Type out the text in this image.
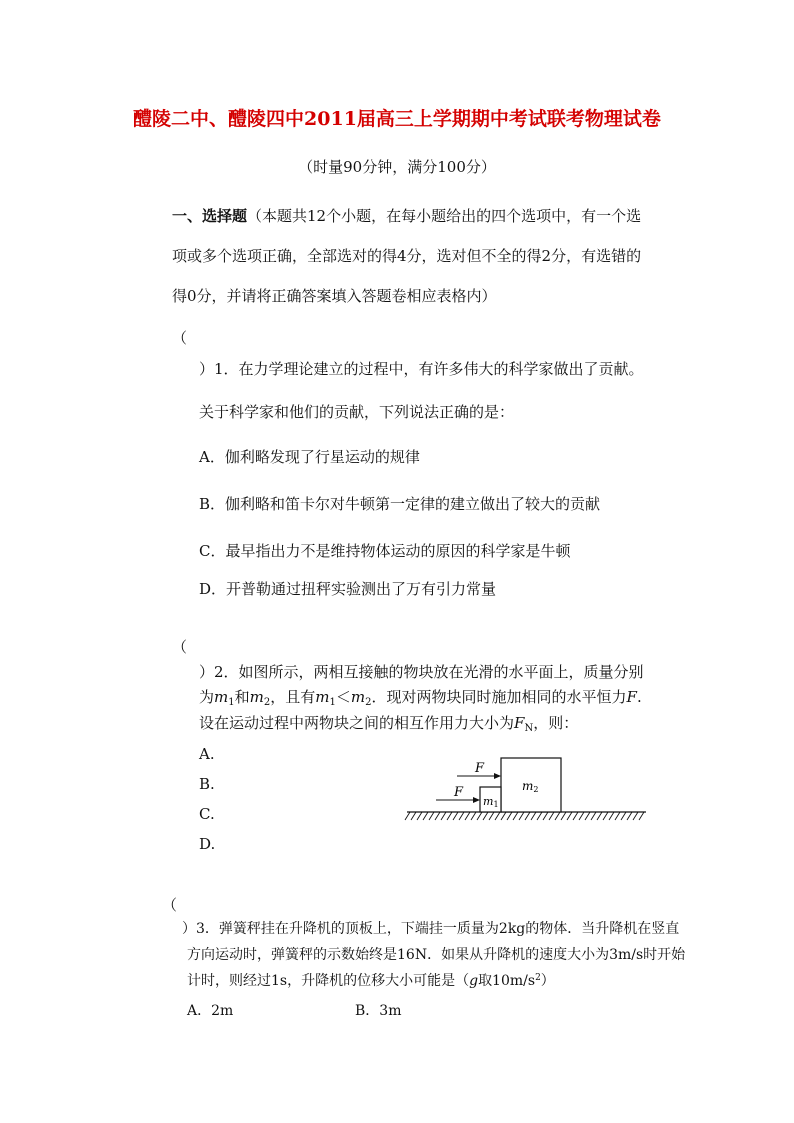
醴陵二中、醴陵四中2011届高三上学期期中考试联考物理试卷
（时量90分钟，满分100分）
一、选择题（本题共12个小题，在每小题给出的四个选项中，有一个选
项或多个选项正确，全部选对的得4分，选对但不全的得2分，有选错的
得0分，并请将正确答案填入答题卷相应表格内）
（
）1．在力学理论建立的过程中，有许多伟大的科学家做出了贡献。
关于科学家和他们的贡献，下列说法正确的是：
A．伽利略发现了行星运动的规律
B．伽利略和笛卡尔对牛顿第一定律的建立做出了较大的贡献
C．最早指出力不是维持物体运动的原因的科学家是牛顿
D．开普勒通过扭秤实验测出了万有引力常量
（
）2．如图所示，两相互接触的物块放在光滑的水平面上，质量分别
为$m_1$和$m_2$，且有$m_1<m_2$．现对两物块同时施加相同的水平恒力F.
设在运动过程中两物块之间的相互作用力大小为$F_N$，则：
A.
B.
C.
D.
F
F
m1
m2
（
）3．弹簧秤挂在升降机的顶板上，下端挂一质量为2kg的物体．当升降机在竖直
方向运动时，弹簧秤的示数始终是16N．如果从升降机的速度大小为3m/s时开始
计时，则经过1s，升降机的位移大小可能是（g取$10m/s^2$）
A．2m	B．3m
